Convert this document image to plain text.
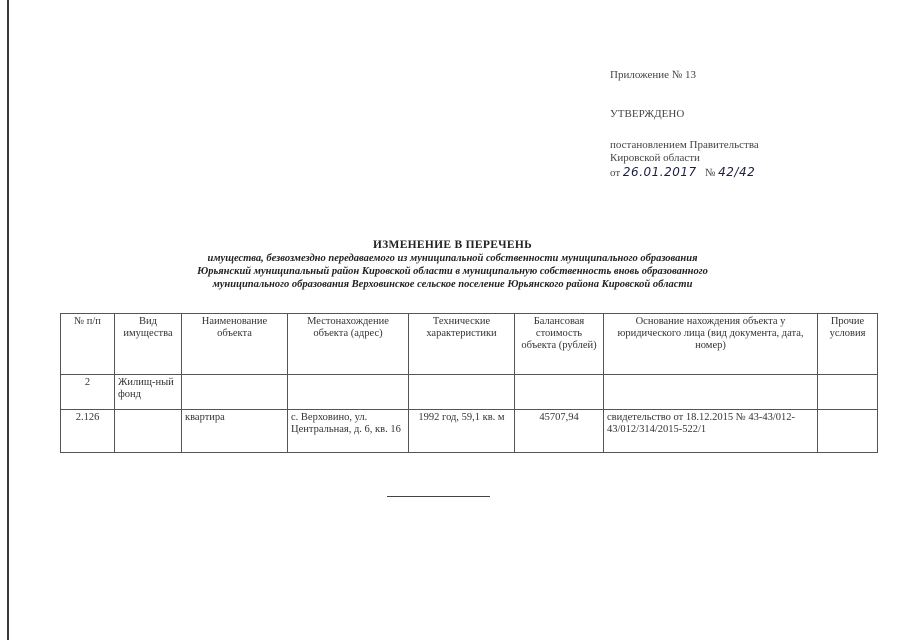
Приложение № 13
УТВЕРЖДЕНО
постановлением Правительства
Кировской области
от 26.01.2017 № 42/42
ИЗМЕНЕНИЕ В ПЕРЕЧЕНЬ
имущества, безвозмездно передаваемого из муниципальной собственности муниципального образования
Юрьянский муниципальный район Кировской области в муниципальную собственность вновь образованного
муниципального образования Верховинское сельское поселение Юрьянского района Кировской области
№ п/п	Вид имущества	Наименование объекта	Местонахождение объекта (адрес)	Технические характеристики	Балансовая стоимость объекта (рублей)	Основание нахождения объекта у юридического лица (вид документа, дата, номер)	Прочие условия
2	Жилищ-ный фонд						
2.126		квартира	с. Верховино, ул. Центральная, д. 6, кв. 16	1992 год, 59,1 кв. м	45707,94	свидетельство от 18.12.2015 № 43-43/012-43/012/314/2015-522/1	
